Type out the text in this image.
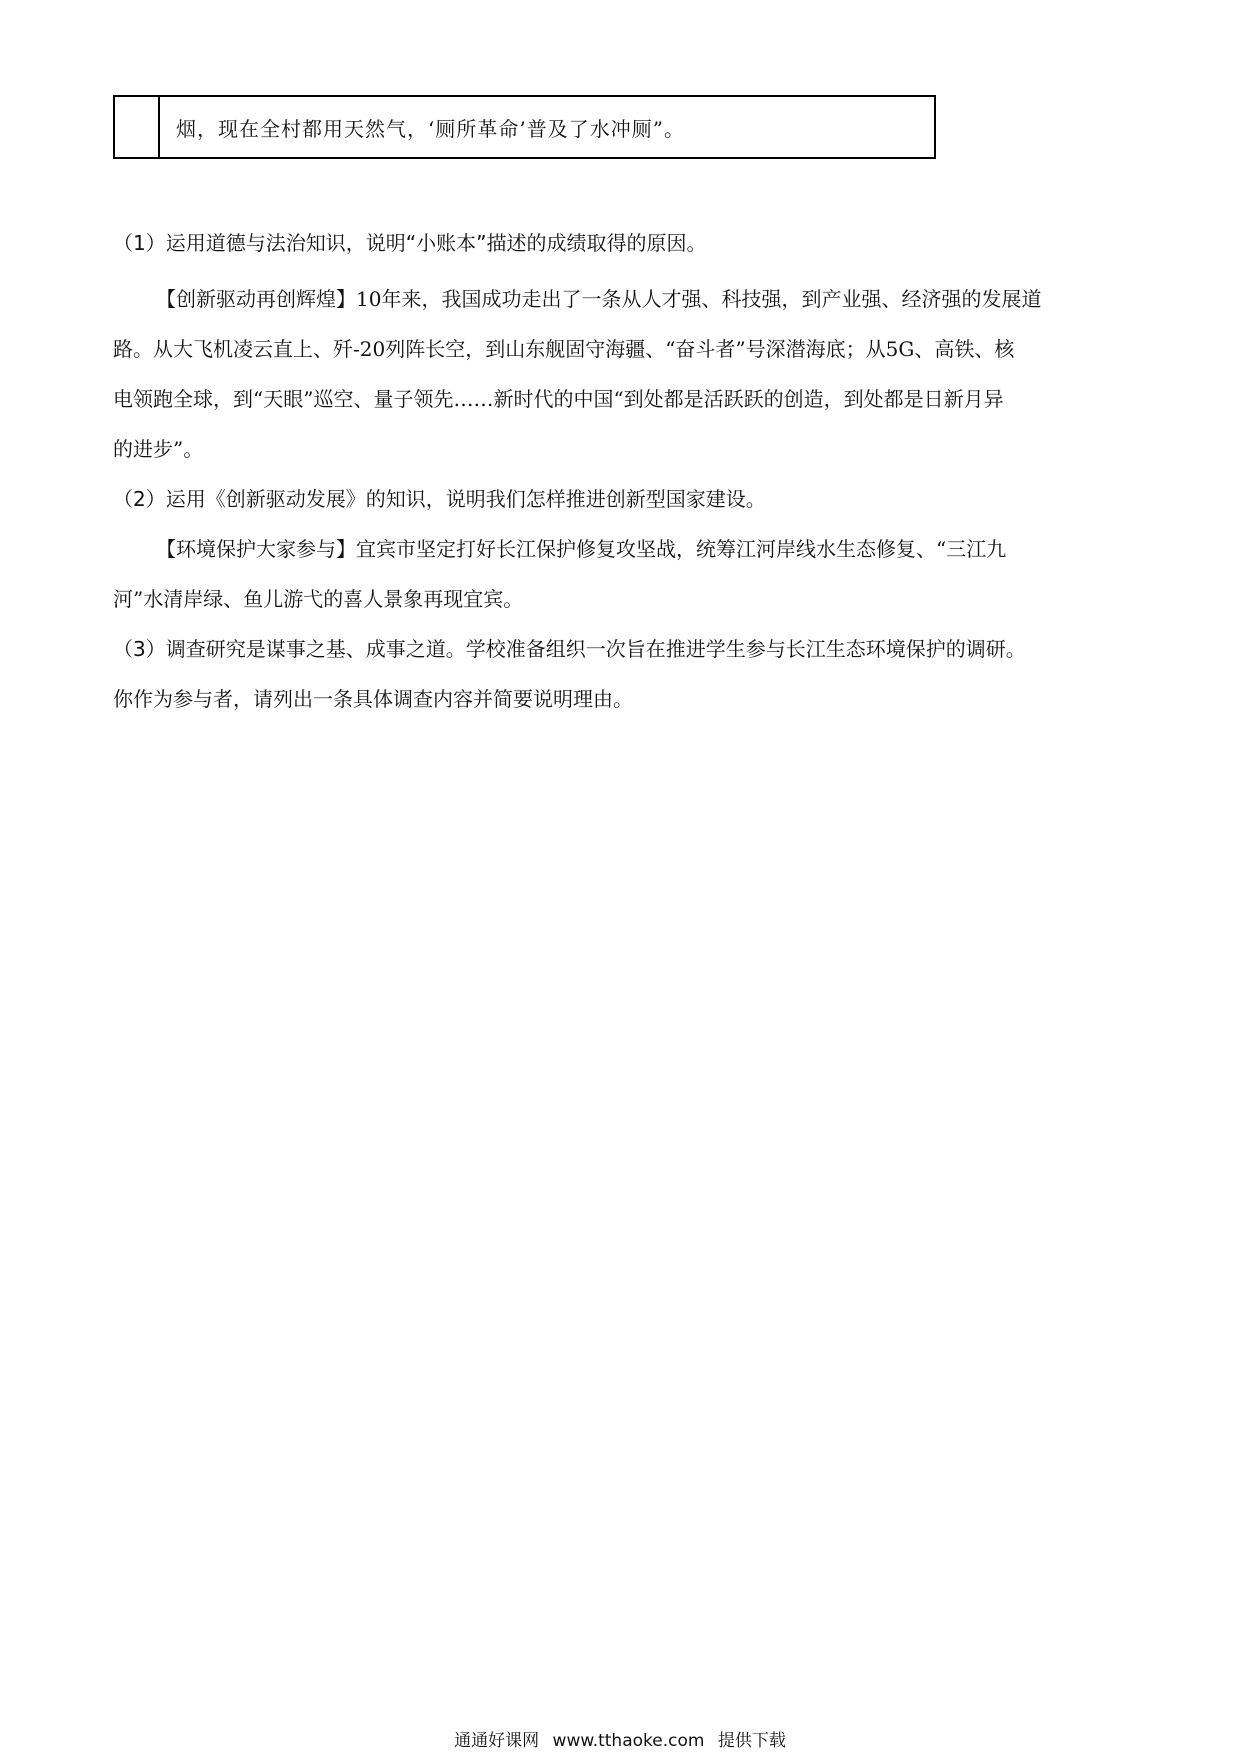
烟，现在全村都用天然气，‘厕所革命’普及了水冲厕”。

（1）运用道德与法治知识，说明“小账本”描述的成绩取得的原因。

【创新驱动再创辉煌】10年来，我国成功走出了一条从人才强、科技强，到产业强、经济强的发展道

路。从大飞机凌云直上、歼-20列阵长空，到山东舰固守海疆、“奋斗者”号深潜海底；从5G、高铁、核

电领跑全球，到“天眼”巡空、量子领先……新时代的中国“到处都是活跃跃的创造，到处都是日新月异

的进步”。

（2）运用《创新驱动发展》的知识，说明我们怎样推进创新型国家建设。

【环境保护大家参与】宜宾市坚定打好长江保护修复攻坚战，统筹江河岸线水生态修复、“三江九

河”水清岸绿、鱼儿游弋的喜人景象再现宜宾。

（3）调查研究是谋事之基、成事之道。学校准备组织一次旨在推进学生参与长江生态环境保护的调研。

你作为参与者，请列出一条具体调查内容并简要说明理由。

通通好课网 www.tthaoke.com 提供下载
